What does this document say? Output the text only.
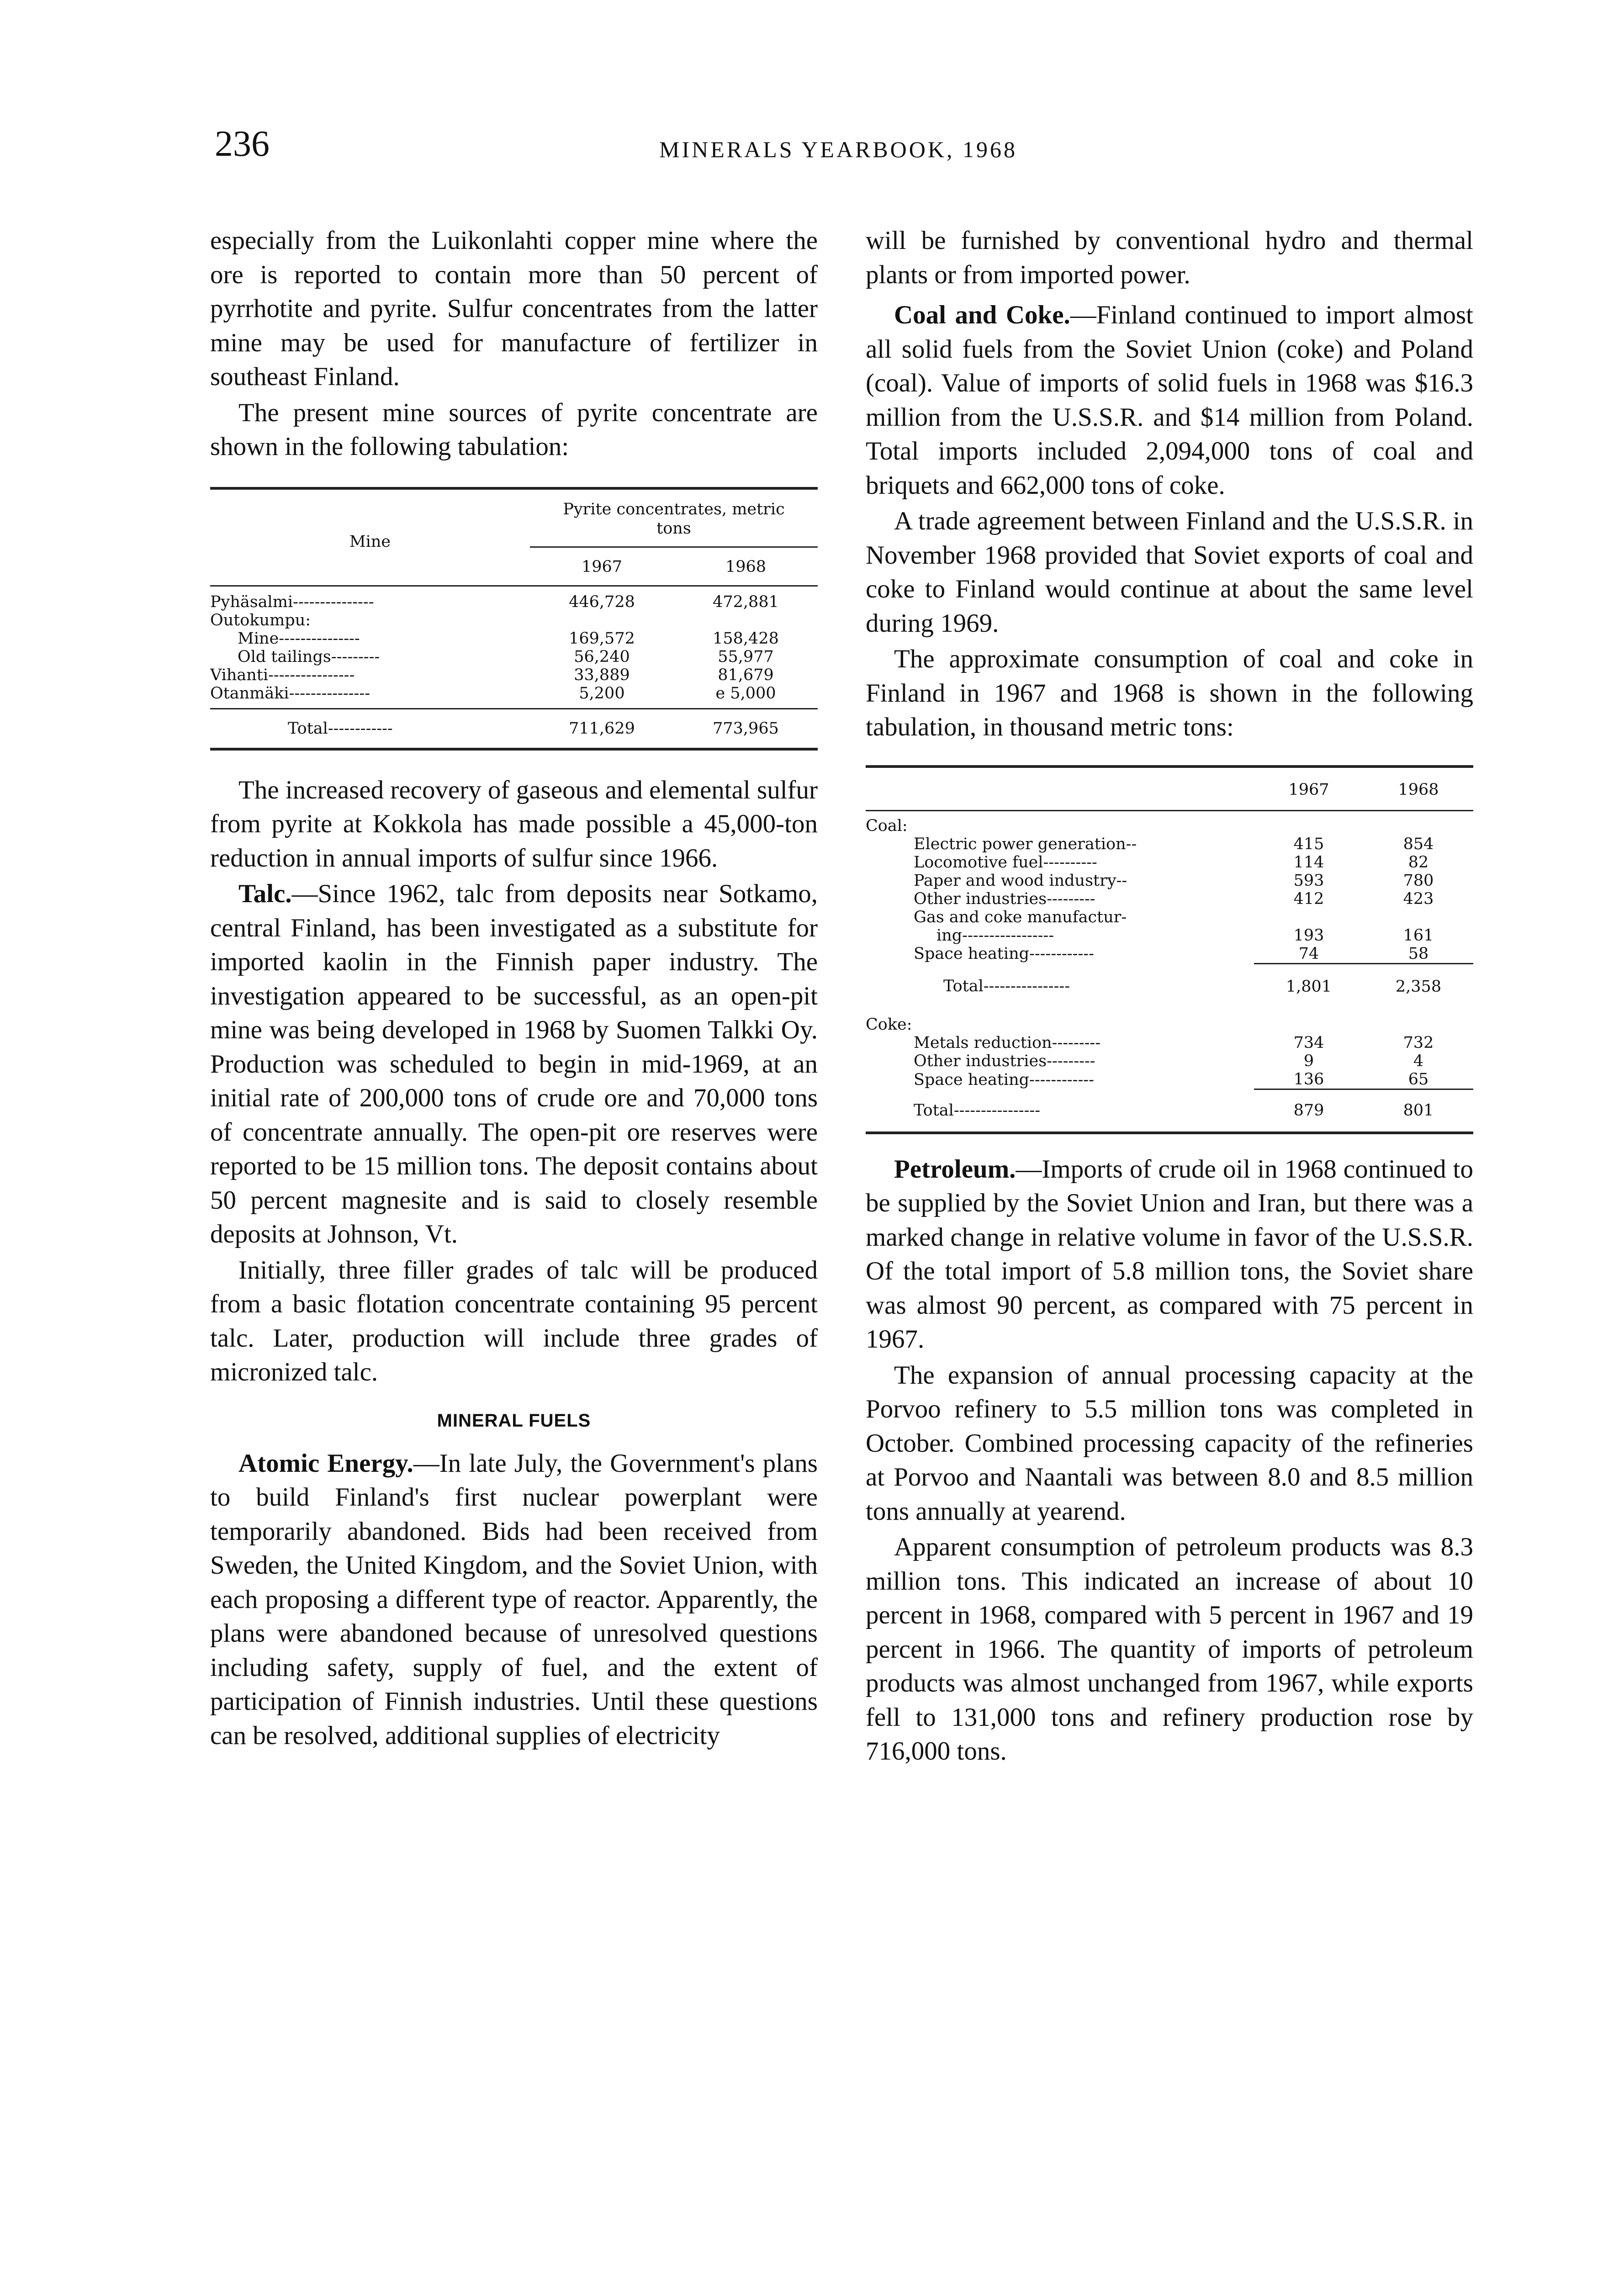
236	MINERALS YEARBOOK, 1968

especially from the Luikonlahti copper mine where the ore is reported to contain more than 50 percent of pyrrhotite and pyrite. Sulfur concentrates from the latter mine may be used for manufacture of fertilizer in southeast Finland.

The present mine sources of pyrite concentrate are shown in the following tabulation:

Mine	Pyrite concentrates, metric tons	
	1967	1968

Pyhäsalmi---------------	446,728	472,881
Outokumpu:		
Mine---------------	169,572	158,428
Old tailings---------	56,240	55,977
Vihanti----------------	33,889	81,679
Otanmäki---------------	5,200	e 5,000

Total------------	711,629	773,965

The increased recovery of gaseous and elemental sulfur from pyrite at Kokkola has made possible a 45,000-ton reduction in annual imports of sulfur since 1966.

Talc.—Since 1962, talc from deposits near Sotkamo, central Finland, has been investigated as a substitute for imported kaolin in the Finnish paper industry. The investigation appeared to be successful, as an open-pit mine was being developed in 1968 by Suomen Talkki Oy. Production was scheduled to begin in mid-1969, at an initial rate of 200,000 tons of crude ore and 70,000 tons of concentrate annually. The open-pit ore reserves were reported to be 15 million tons. The deposit contains about 50 percent magnesite and is said to closely resemble deposits at Johnson, Vt.

Initially, three filler grades of talc will be produced from a basic flotation concentrate containing 95 percent talc. Later, production will include three grades of micronized talc.

MINERAL FUELS

Atomic Energy.—In late July, the Government's plans to build Finland's first nuclear powerplant were temporarily abandoned. Bids had been received from Sweden, the United Kingdom, and the Soviet Union, with each proposing a different type of reactor. Apparently, the plans were abandoned because of unresolved questions including safety, supply of fuel, and the extent of participation of Finnish industries. Until these questions can be resolved, additional supplies of electricity

will be furnished by conventional hydro and thermal plants or from imported power.

Coal and Coke.—Finland continued to import almost all solid fuels from the Soviet Union (coke) and Poland (coal). Value of imports of solid fuels in 1968 was $16.3 million from the U.S.S.R. and $14 million from Poland. Total imports included 2,094,000 tons of coal and briquets and 662,000 tons of coke.

A trade agreement between Finland and the U.S.S.R. in November 1968 provided that Soviet exports of coal and coke to Finland would continue at about the same level during 1969.

The approximate consumption of coal and coke in Finland in 1967 and 1968 is shown in the following tabulation, in thousand metric tons:

	1967	1968

Coal:		
Electric power generation--	415	854
Locomotive fuel----------	114	82
Paper and wood industry--	593	780
Other industries---------	412	423
Gas and coke manufactur-		
ing-----------------	193	161
Space heating------------	74	58
Total----------------	1,801	2,358
Coke:		
Metals reduction---------	734	732
Other industries---------	9	4
Space heating------------	136	65
Total----------------	879	801

Petroleum.—Imports of crude oil in 1968 continued to be supplied by the Soviet Union and Iran, but there was a marked change in relative volume in favor of the U.S.S.R. Of the total import of 5.8 million tons, the Soviet share was almost 90 percent, as compared with 75 percent in 1967.

The expansion of annual processing capacity at the Porvoo refinery to 5.5 million tons was completed in October. Combined processing capacity of the refineries at Porvoo and Naantali was between 8.0 and 8.5 million tons annually at yearend.

Apparent consumption of petroleum products was 8.3 million tons. This indicated an increase of about 10 percent in 1968, compared with 5 percent in 1967 and 19 percent in 1966. The quantity of imports of petroleum products was almost unchanged from 1967, while exports fell to 131,000 tons and refinery production rose by 716,000 tons.
